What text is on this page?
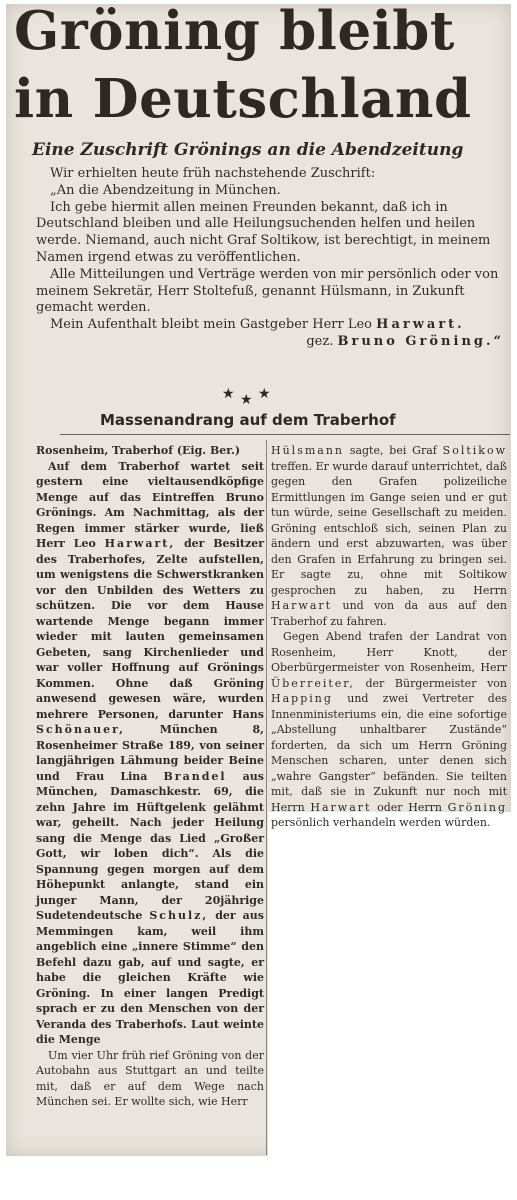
Gröning bleibt
in Deutschland
Eine Zuschrift Grönings an die Abendzeitung

Wir erhielten heute früh nachstehende Zuschrift:

„An die Abendzeitung in München.

Ich gebe hiermit allen meinen Freunden bekannt, daß ich in Deutschland bleiben und alle Heilungsuchenden helfen und heilen werde. Niemand, auch nicht Graf Soltikow, ist berechtigt, in meinem Namen irgend etwas zu veröffentlichen.

Alle Mitteilungen und Verträge werden von mir persönlich oder von meinem Sekretär, Herr Stoltefuß, genannt Hülsmann, in Zukunft gemacht werden.

Mein Aufenthalt bleibt mein Gastgeber Herr Leo Harwart.
gez. Bruno Gröning.“

★ ★ ★
Massenandrang auf dem Traberhof

Rosenheim, Traberhof (Eig. Ber.)

Auf dem Traberhof wartet seit gestern eine vieltausendköpfige Menge auf das Eintreffen Bruno Grönings. Am Nachmittag, als der Regen immer stärker wurde, ließ Herr Leo Harwart, der Besitzer des Traberhofes, Zelte aufstellen, um wenigstens die Schwerstkranken vor den Unbilden des Wetters zu schützen. Die vor dem Hause wartende Menge begann immer wieder mit lauten gemeinsamen Gebeten, sang Kirchenlieder und war voller Hoffnung auf Grönings Kommen. Ohne daß Gröning anwesend gewesen wäre, wurden mehrere Personen, darunter Hans Schönauer,	München 8, Rosenheimer Straße 189, von seiner langjährigen Lähmung beider Beine und Frau Lina Brandel aus München, Damaschkestr. 69, die zehn Jahre im Hüftgelenk gelähmt war, geheilt. Nach jeder Heilung sang die Menge das Lied „Großer Gott, wir loben dich“. Als die Spannung gegen morgen auf dem Höhepunkt anlangte, stand ein junger Mann, der 20jährige Sudetendeutsche Schulz, der aus Memmingen kam, weil ihm angeblich eine „innere Stimme“ den Befehl dazu gab, auf und sagte, er habe die gleichen Kräfte wie Gröning. In einer langen Predigt sprach er zu den Menschen von der Veranda des Traberhofs. Laut weinte die Menge

Um vier Uhr früh rief Gröning von der Autobahn aus Stuttgart an und teilte mit, daß er auf dem Wege nach München sei. Er wollte sich, wie Herr

Hülsmann sagte, bei Graf Soltikow treffen. Er wurde darauf unterrichtet, daß gegen den Grafen polizeiliche Ermittlungen im Gange seien und er gut tun würde, seine Gesellschaft zu meiden. Gröning entschloß sich, seinen Plan zu ändern und erst abzuwarten, was über den Grafen in Erfahrung zu bringen sei. Er sagte zu, ohne mit Soltikow gesprochen zu haben, zu Herrn Harwart und von da aus auf den Traberhof zu fahren.

Gegen Abend trafen der Landrat von Rosenheim, Herr Knott, der Oberbürgermeister von Rosenheim, Herr Überreiter, der Bürgermeister von Happing und zwei Vertreter des Innenministeriums ein, die eine sofortige „Abstellung unhaltbarer Zustände“ forderten, da sich um Herrn Gröning Menschen scharen, unter denen sich „wahre Gangster“ befänden. Sie teilten mit, daß sie in Zukunft nur noch mit Herrn Harwart oder Herrn Gröning persönlich verhandeln werden würden.
